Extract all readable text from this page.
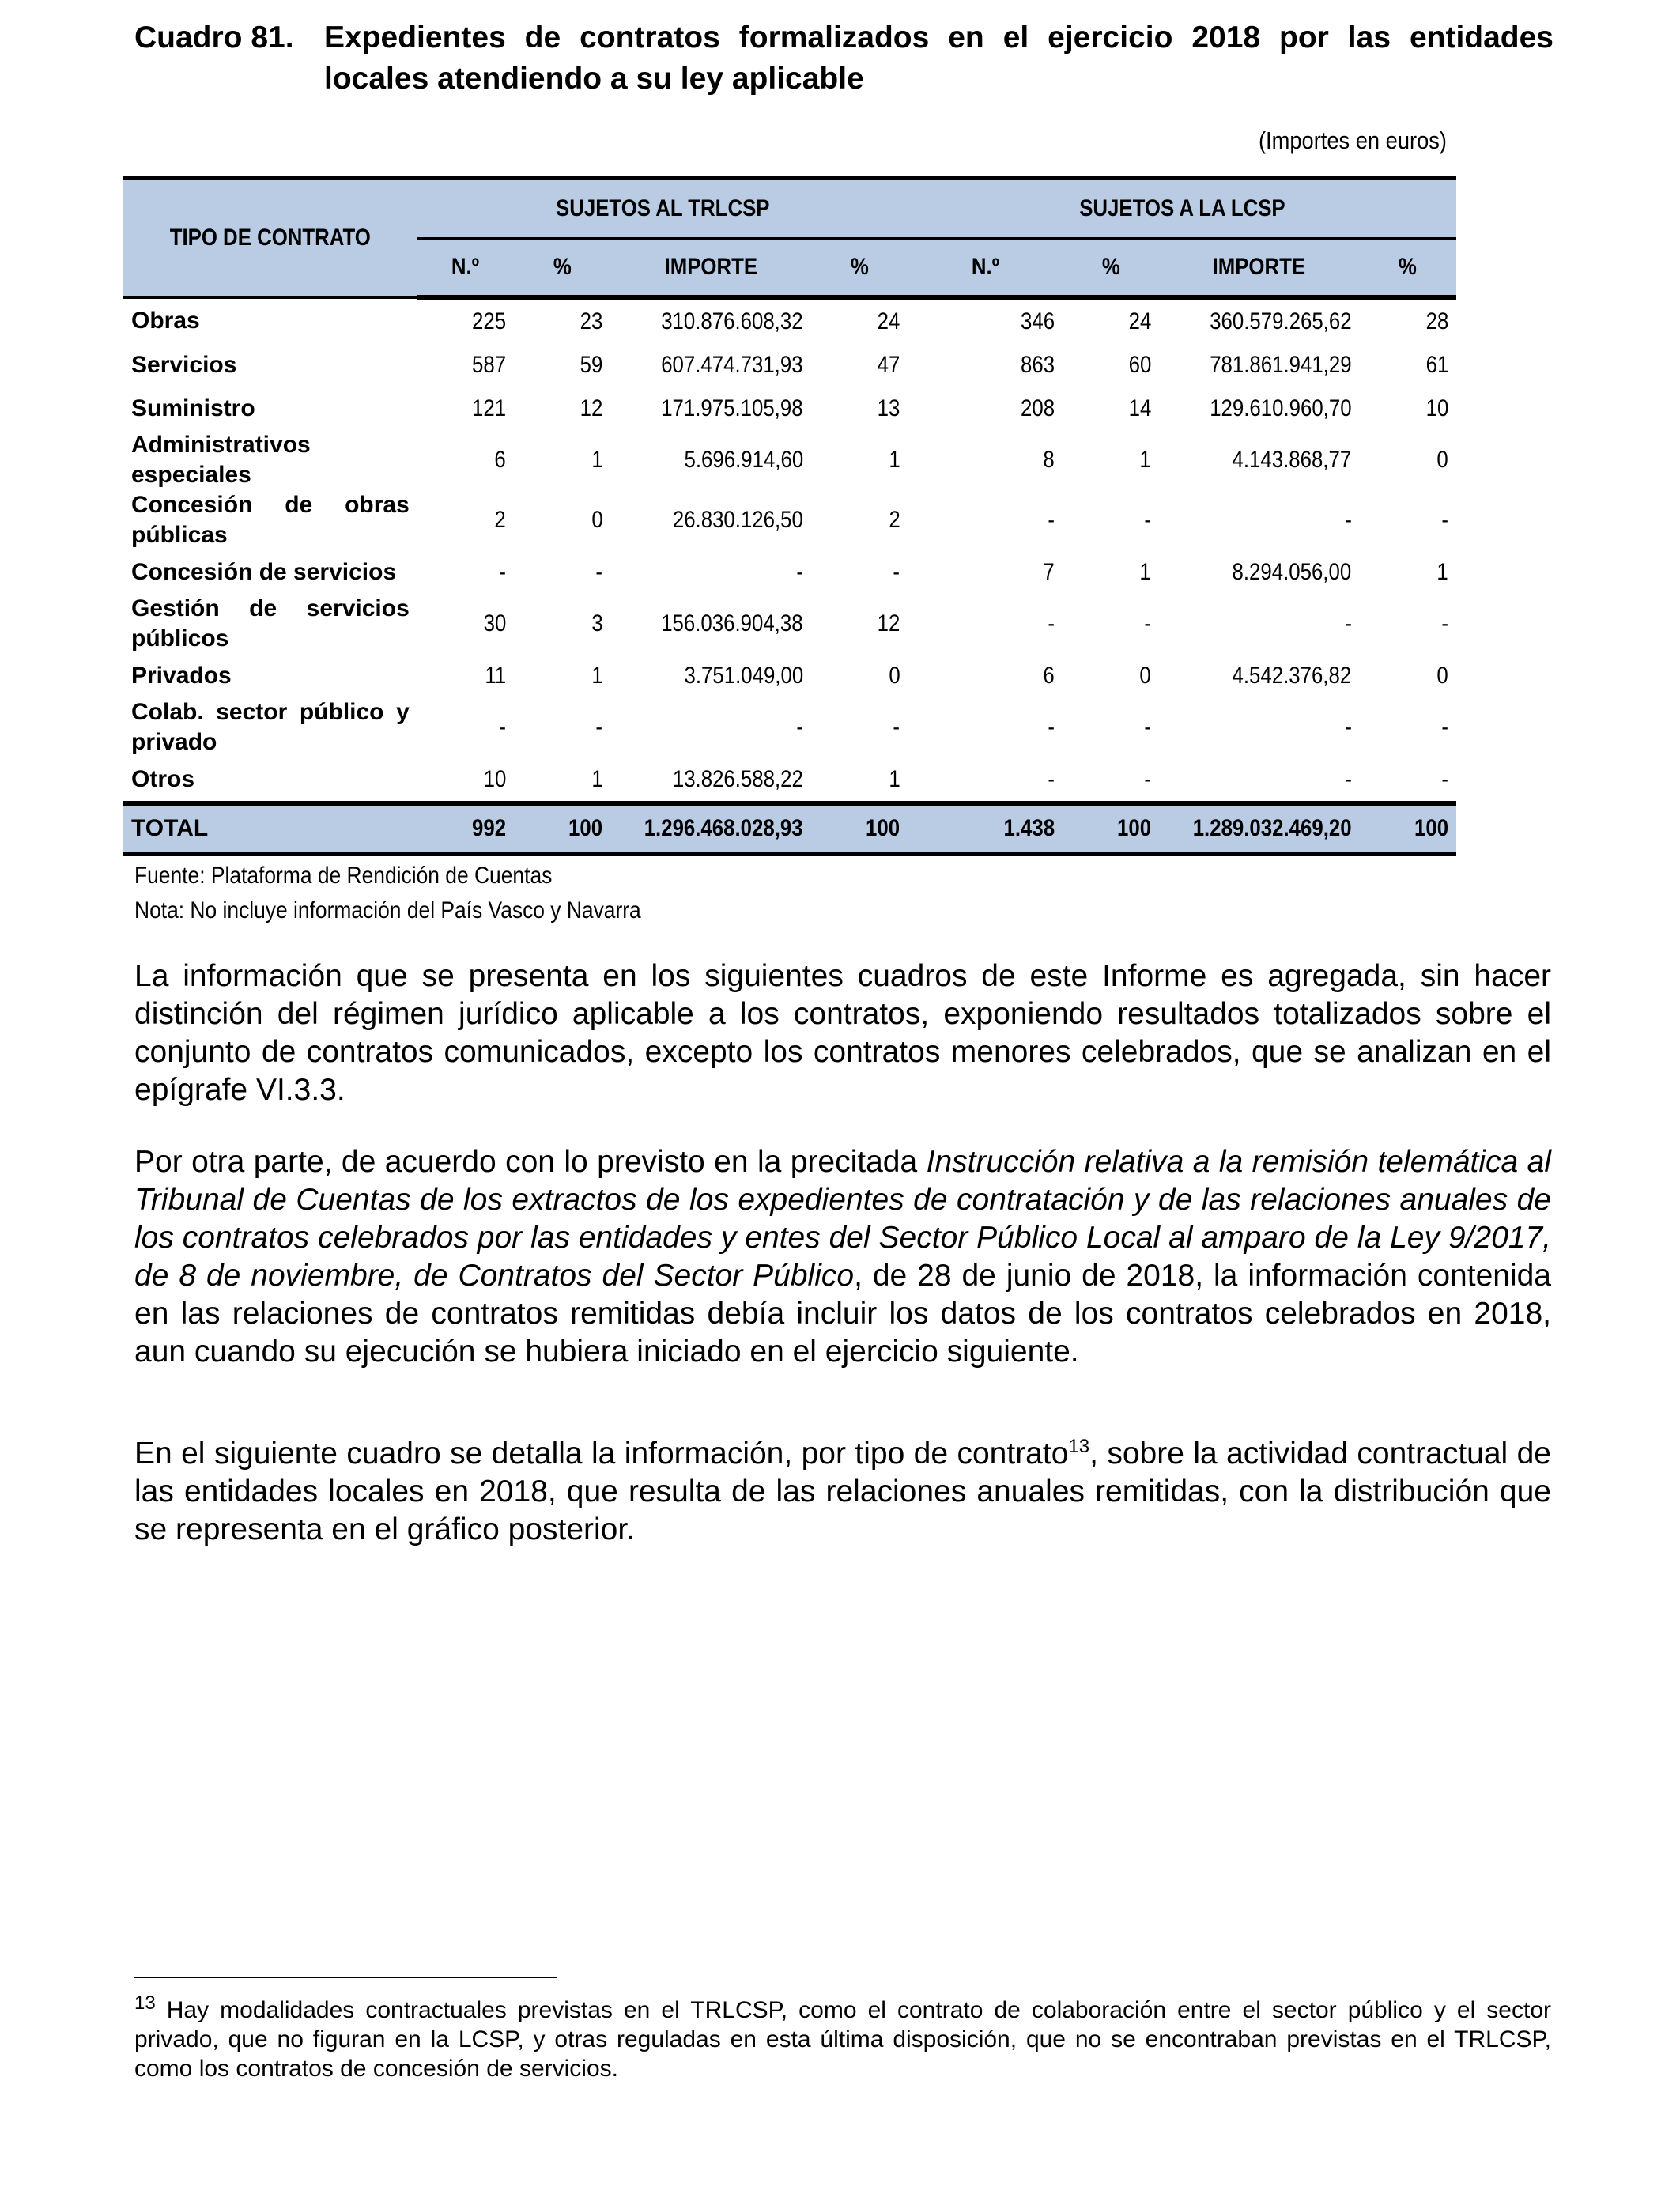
Cuadro 81. Expedientes de contratos formalizados en el ejercicio 2018 por las entidades locales atendiendo a su ley aplicable
(Importes en euros)
TIPO DE CONTRATO	SUJETOS AL TRLCSP				SUJETOS A LA LCSP			
	N.º	%	IMPORTE	%	N.º	%	IMPORTE	%
Obras	225	23	310.876.608,32	24	346	24	360.579.265,62	28
Servicios	587	59	607.474.731,93	47	863	60	781.861.941,29	61
Suministro	121	12	171.975.105,98	13	208	14	129.610.960,70	10
Administrativos especiales	6	1	5.696.914,60	1	8	1	4.143.868,77	0
Concesión de obras públicas	2	0	26.830.126,50	2	-	-	-	-
Concesión de servicios	-	-	-	-	7	1	8.294.056,00	1
Gestión de servicios públicos	30	3	156.036.904,38	12	-	-	-	-
Privados	11	1	3.751.049,00	0	6	0	4.542.376,82	0
Colab. sector público y privado	-	-	-	-	-	-	-	-
Otros	10	1	13.826.588,22	1	-	-	-	-
TOTAL	992	100	1.296.468.028,93	100	1.438	100	1.289.032.469,20	100
Fuente: Plataforma de Rendición de Cuentas
Nota: No incluye información del País Vasco y Navarra

La información que se presenta en los siguientes cuadros de este Informe es agregada, sin hacer distinción del régimen jurídico aplicable a los contratos, exponiendo resultados totalizados sobre el conjunto de contratos comunicados, excepto los contratos menores celebrados, que se analizan en el epígrafe VI.3.3.

Por otra parte, de acuerdo con lo previsto en la precitada Instrucción relativa a la remisión telemática al Tribunal de Cuentas de los extractos de los expedientes de contratación y de las relaciones anuales de los contratos celebrados por las entidades y entes del Sector Público Local al amparo de la Ley 9/2017, de 8 de noviembre, de Contratos del Sector Público, de 28 de junio de 2018, la información contenida en las relaciones de contratos remitidas debía incluir los datos de los contratos celebrados en 2018, aun cuando su ejecución se hubiera iniciado en el ejercicio siguiente.

En el siguiente cuadro se detalla la información, por tipo de contrato$^{13}$, sobre la actividad contractual de las entidades locales en 2018, que resulta de las relaciones anuales remitidas, con la distribución que se representa en el gráfico posterior.

$^{13}$ Hay modalidades contractuales previstas en el TRLCSP, como el contrato de colaboración entre el sector público y el sector privado, que no figuran en la LCSP, y otras reguladas en esta última disposición, que no se encontraban previstas en el TRLCSP, como los contratos de concesión de servicios.
